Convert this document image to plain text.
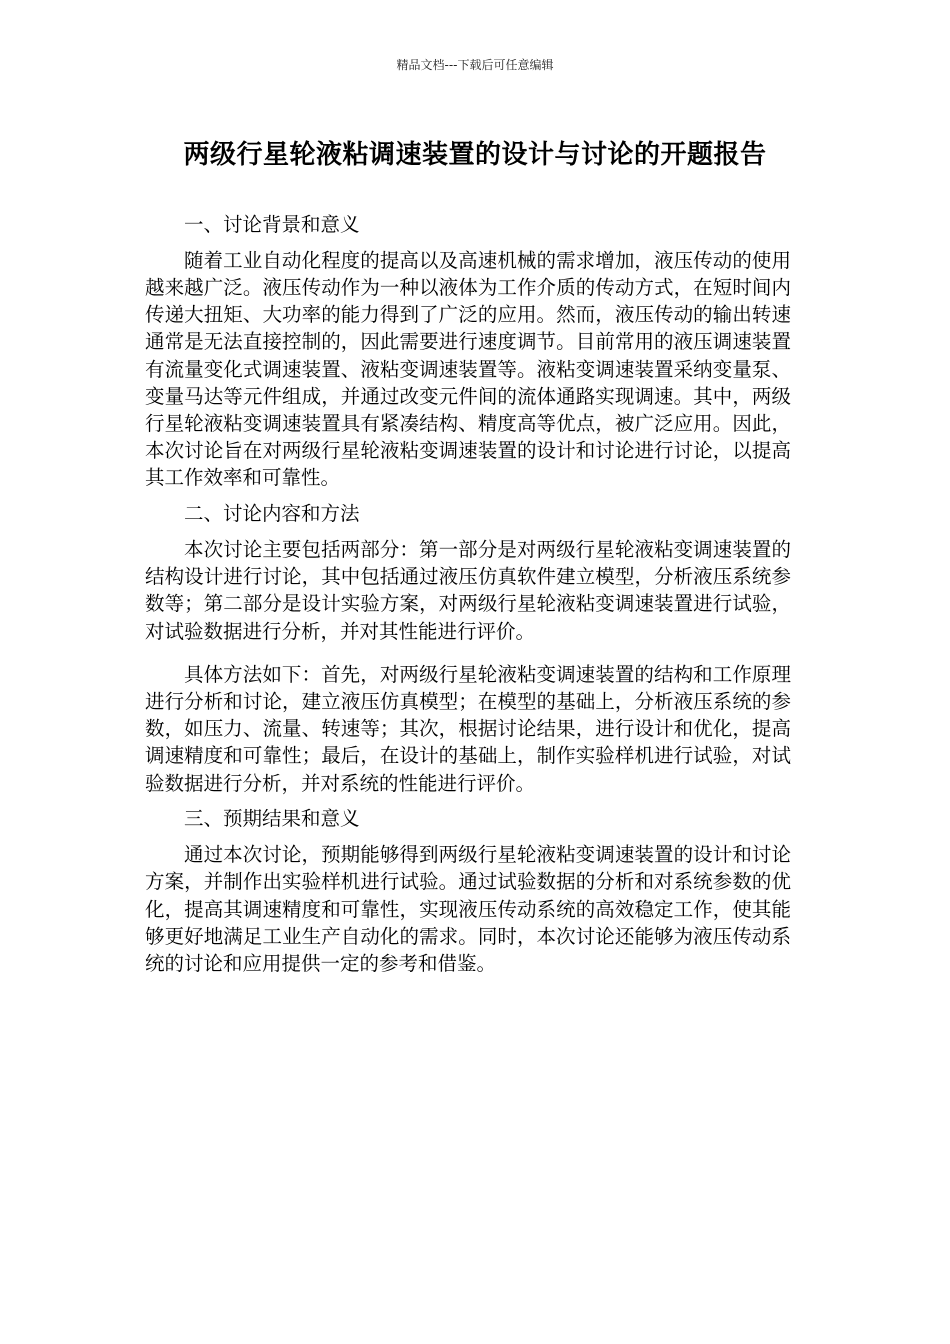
精品文档---下载后可任意编辑
两级行星轮液粘调速装置的设计与讨论的开题报告

一、讨论背景和意义

随着工业自动化程度的提高以及高速机械的需求增加，液压传动的使用越来越广泛。液压传动作为一种以液体为工作介质的传动方式，在短时间内传递大扭矩、大功率的能力得到了广泛的应用。然而，液压传动的输出转速通常是无法直接控制的，因此需要进行速度调节。目前常用的液压调速装置有流量变化式调速装置、液粘变调速装置等。液粘变调速装置采纳变量泵、变量马达等元件组成，并通过改变元件间的流体通路实现调速。其中，两级行星轮液粘变调速装置具有紧凑结构、精度高等优点，被广泛应用。因此，本次讨论旨在对两级行星轮液粘变调速装置的设计和讨论进行讨论，以提高其工作效率和可靠性。

二、讨论内容和方法

本次讨论主要包括两部分：第一部分是对两级行星轮液粘变调速装置的结构设计进行讨论，其中包括通过液压仿真软件建立模型，分析液压系统参数等；第二部分是设计实验方案，对两级行星轮液粘变调速装置进行试验，对试验数据进行分析，并对其性能进行评价。

具体方法如下：首先，对两级行星轮液粘变调速装置的结构和工作原理进行分析和讨论，建立液压仿真模型；在模型的基础上，分析液压系统的参数，如压力、流量、转速等；其次，根据讨论结果，进行设计和优化，提高调速精度和可靠性；最后，在设计的基础上，制作实验样机进行试验，对试验数据进行分析，并对系统的性能进行评价。

三、预期结果和意义

通过本次讨论，预期能够得到两级行星轮液粘变调速装置的设计和讨论方案，并制作出实验样机进行试验。通过试验数据的分析和对系统参数的优化，提高其调速精度和可靠性，实现液压传动系统的高效稳定工作，使其能够更好地满足工业生产自动化的需求。同时，本次讨论还能够为液压传动系统的讨论和应用提供一定的参考和借鉴。
